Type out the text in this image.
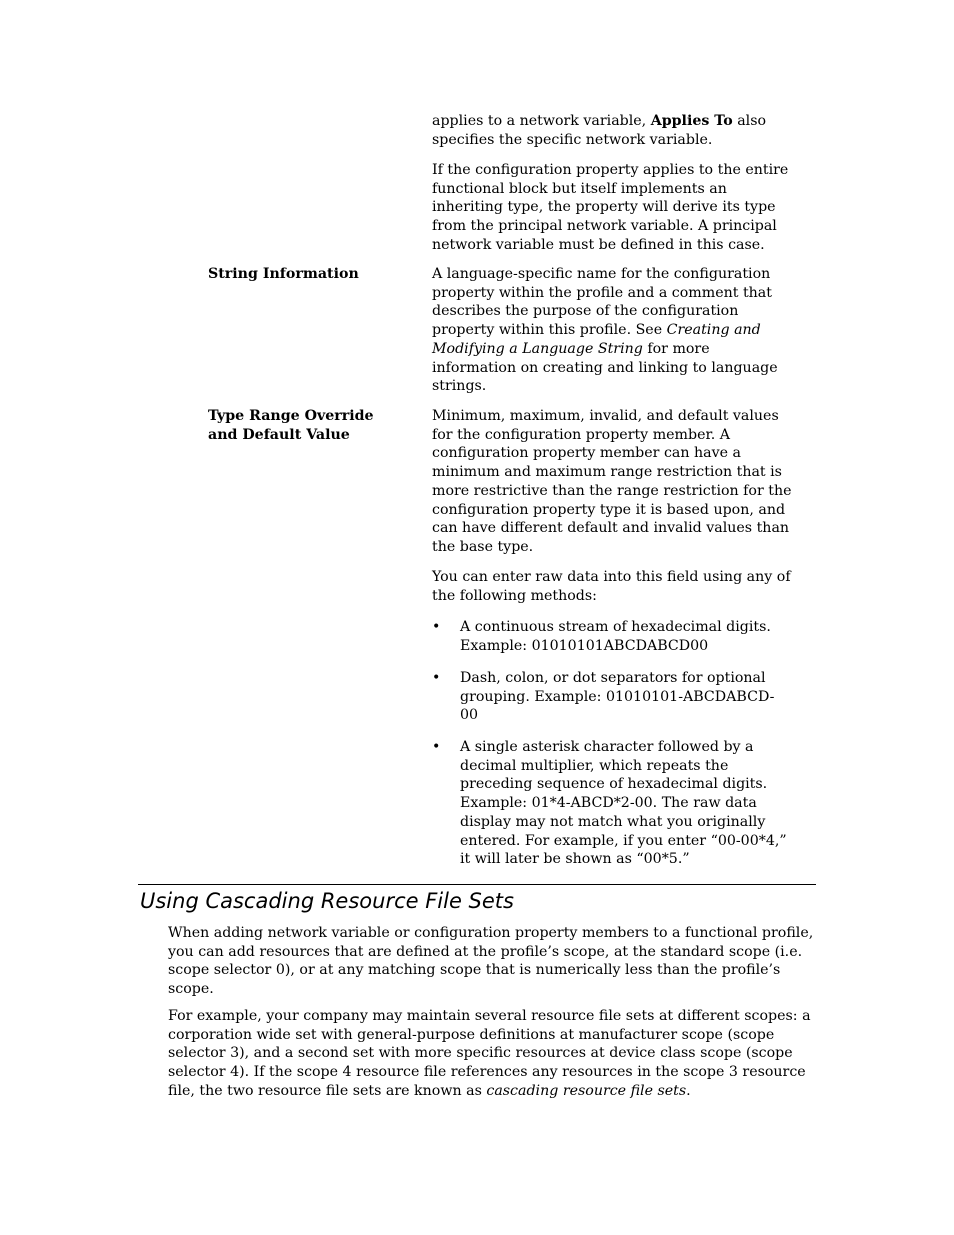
applies to a network variable, Applies To also
specifies the specific network variable.
If the configuration property applies to the entire
functional block but itself implements an
inheriting type, the property will derive its type
from the principal network variable. A principal
network variable must be defined in this case.
String Information	A language-specific name for the configuration
property within the profile and a comment that
describes the purpose of the configuration
property within this profile. See Creating and
Modifying a Language String for more
information on creating and linking to language
strings.
Type Range Override
and Default Value
Minimum, maximum, invalid, and default values
for the configuration property member. A
configuration property member can have a
minimum and maximum range restriction that is
more restrictive than the range restriction for the
configuration property type it is based upon, and
can have different default and invalid values than
the base type.
You can enter raw data into this field using any of
the following methods:
• A continuous stream of hexadecimal digits.
Example: 01010101ABCDABCD00
• Dash, colon, or dot separators for optional
grouping. Example: 01010101-ABCDABCD-
00
• A single asterisk character followed by a
decimal multiplier, which repeats the
preceding sequence of hexadecimal digits.
Example: 01*4-ABCD*2-00. The raw data
display may not match what you originally
entered. For example, if you enter “00-00*4,”
it will later be shown as “00*5.”
Using Cascading Resource File Sets
When adding network variable or configuration property members to a functional profile,
you can add resources that are defined at the profile’s scope, at the standard scope (i.e.
scope selector 0), or at any matching scope that is numerically less than the profile’s
scope.
For example, your company may maintain several resource file sets at different scopes: a
corporation wide set with general-purpose definitions at manufacturer scope (scope
selector 3), and a second set with more specific resources at device class scope (scope
selector 4). If the scope 4 resource file references any resources in the scope 3 resource
file, the two resource file sets are known as cascading resource file sets.
